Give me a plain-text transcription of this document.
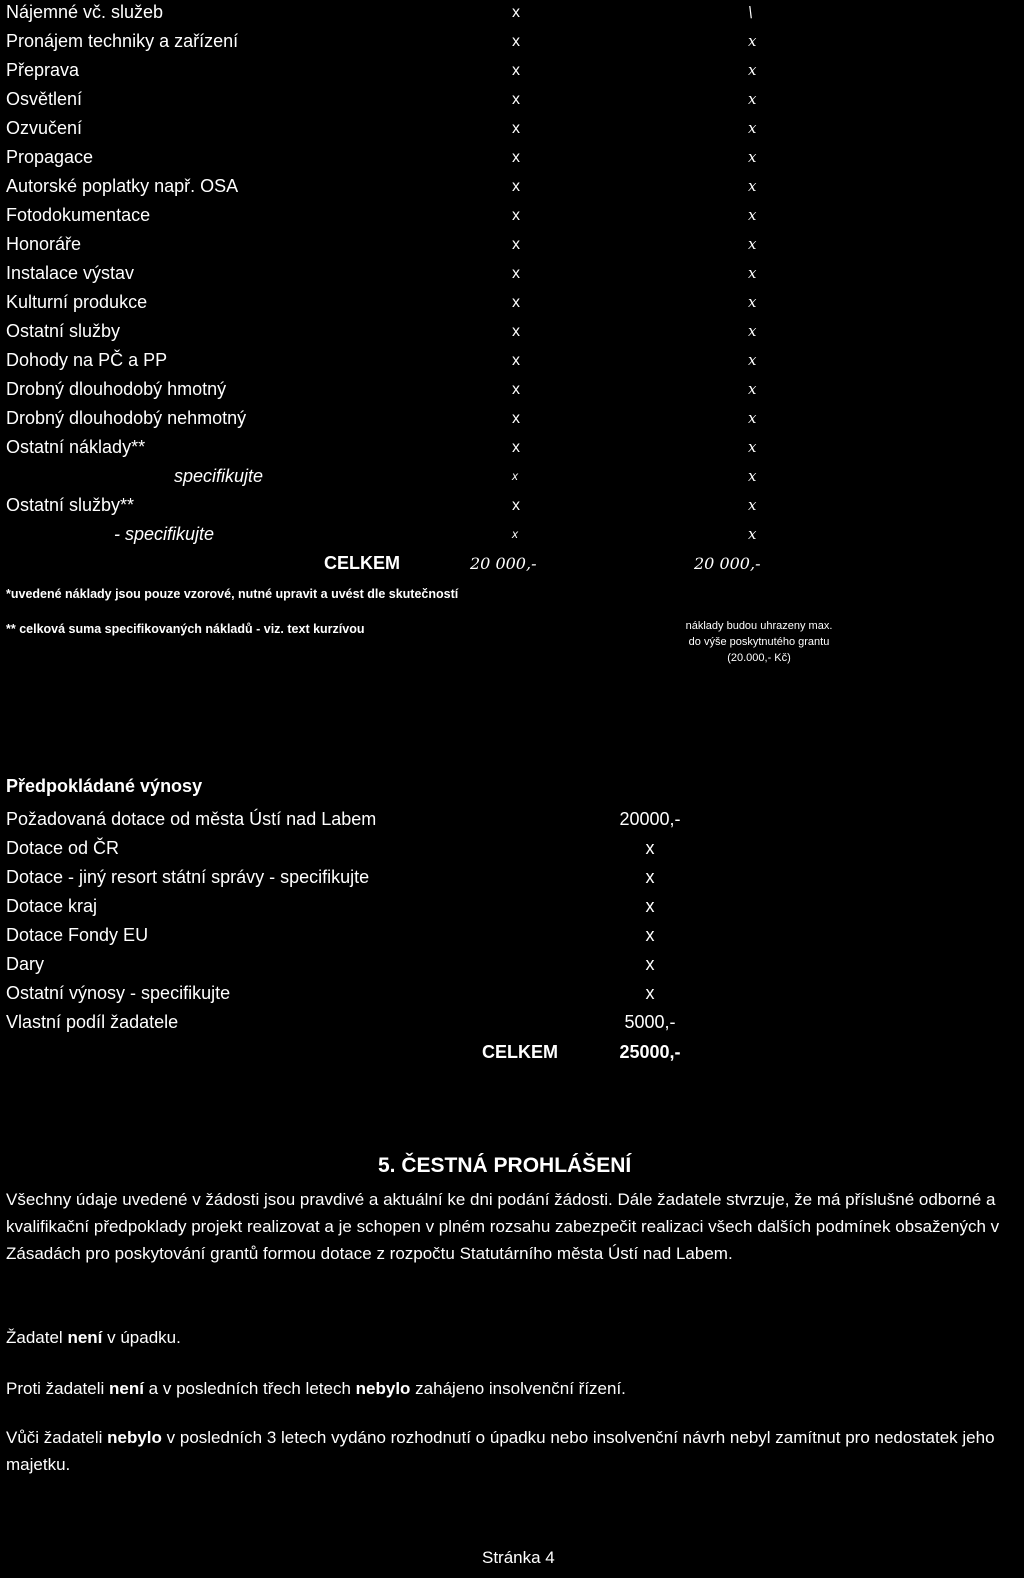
Nájemné vč. služeb	x	\
Pronájem techniky a zařízení	x	x
Přeprava	x	x
Osvětlení	x	x
Ozvučení	x	x
Propagace	x	x
Autorské poplatky např. OSA	x	x
Fotodokumentace	x	x
Honoráře	x	x
Instalace výstav	x	x
Kulturní produkce	x	x
Ostatní služby	x	x
Dohody na PČ a PP	x	x
Drobný dlouhodobý hmotný	x	x
Drobný dlouhodobý nehmotný	x	x
Ostatní náklady**	x	x
specifikujte	x	x
Ostatní služby**	x	x
- specifikujte	x	x
CELKEM	20 000,-	20 000,-
*uvedené náklady jsou pouze vzorové, nutné upravit a uvést dle skutečností
** celková suma specifikovaných nákladů - viz. text kurzívou	náklady budou uhrazeny max.
do výše poskytnutého grantu
(20.000,- Kč)
Předpokládané výnosy
Požadovaná dotace od města Ústí nad Labem	20000,-
Dotace od ČR	x
Dotace - jiný resort státní správy - specifikujte	x
Dotace kraj	x
Dotace Fondy EU	x
Dary	x
Ostatní výnosy - specifikujte	x
Vlastní podíl žadatele	5000,-
CELKEM	25000,-
5. ČESTNÁ PROHLÁŠENÍ

Všechny údaje uvedené v žádosti jsou pravdivé a aktuální ke dni podání žádosti. Dále žadatele stvrzuje, že má příslušné odborné a kvalifikační předpoklady projekt realizovat a je schopen v plném rozsahu zabezpečit realizaci všech dalších podmínek obsažených v Zásadách pro poskytování grantů formou dotace z rozpočtu Statutárního města Ústí nad Labem.

Žadatel není v úpadku.

Proti žadateli není a v posledních třech letech nebylo zahájeno insolvenční řízení.

Vůči žadateli nebylo v posledních 3 letech vydáno rozhodnutí o úpadku nebo insolvenční návrh nebyl zamítnut pro nedostatek jeho majetku.

Stránka 4
